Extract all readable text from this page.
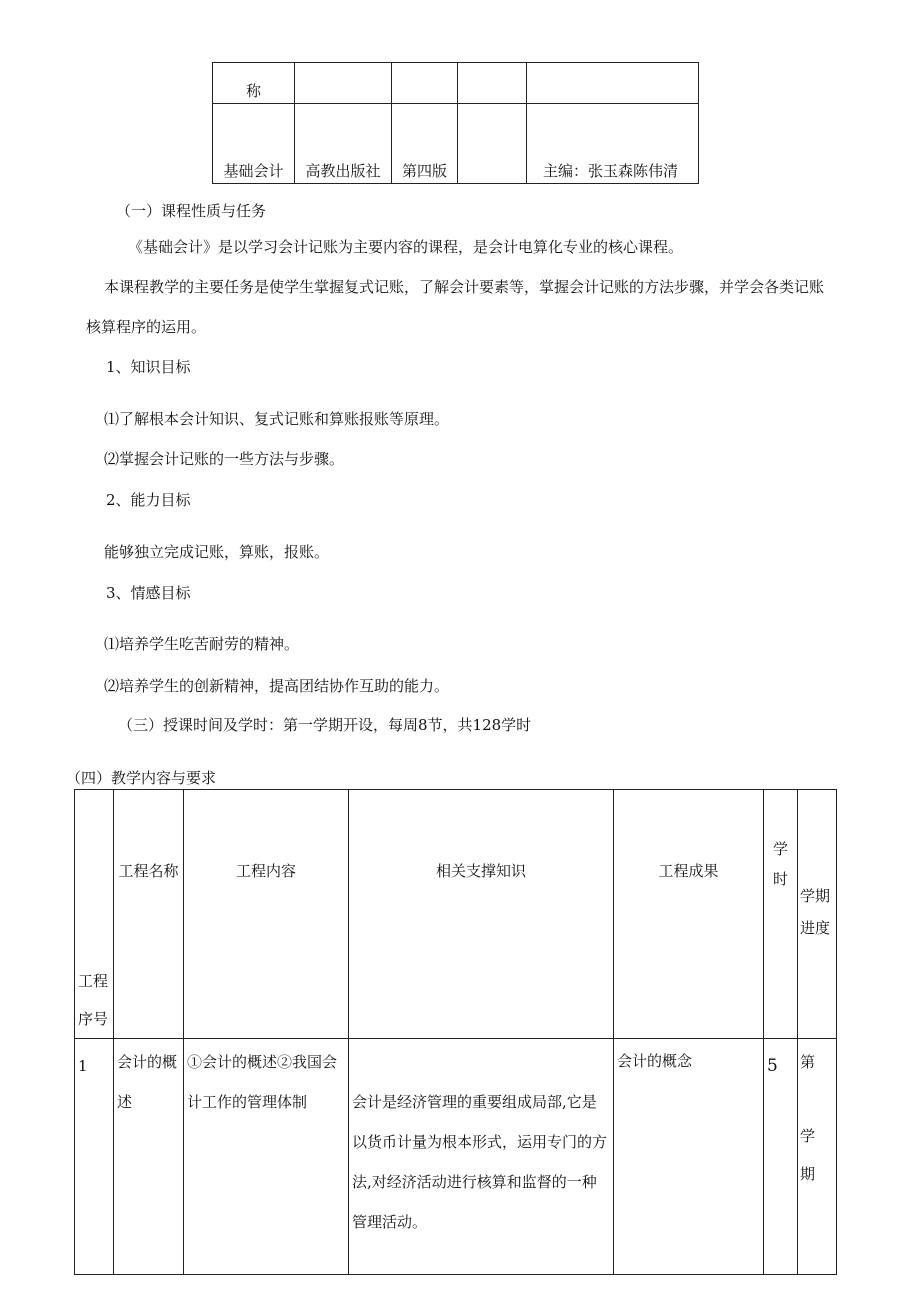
称				
基础会计	高教出版社	第四版		主编：张玉森陈伟清
（一）课程性质与任务
《基础会计》是以学习会计记账为主要内容的课程，是会计电算化专业的核心课程。
本课程教学的主要任务是使学生掌握复式记账，了解会计要素等，掌握会计记账的方法步骤，并学会各类记账
核算程序的运用。
1、知识目标
⑴了解根本会计知识、复式记账和算账报账等原理。
⑵掌握会计记账的一些方法与步骤。
2、能力目标
能够独立完成记账，算账，报账。
3、情感目标
⑴培养学生吃苦耐劳的精神。
⑵培养学生的创新精神，提高团结协作互助的能力。
（三）授课时间及学时：第一学期开设，每周8节，共128学时
（四）教学内容与要求
工程序号	工程名称	工程内容	相关支撑知识	工程成果	学时	学期进度
1	会计的概述	①会计的概述②我国会计工作的管理体制	会计是经济管理的重要组成局部,它是以货币计量为根本形式，运用专门的方法,对经济活动进行核算和监督的一种管理活动。	会计的概念	5	第
学
期
